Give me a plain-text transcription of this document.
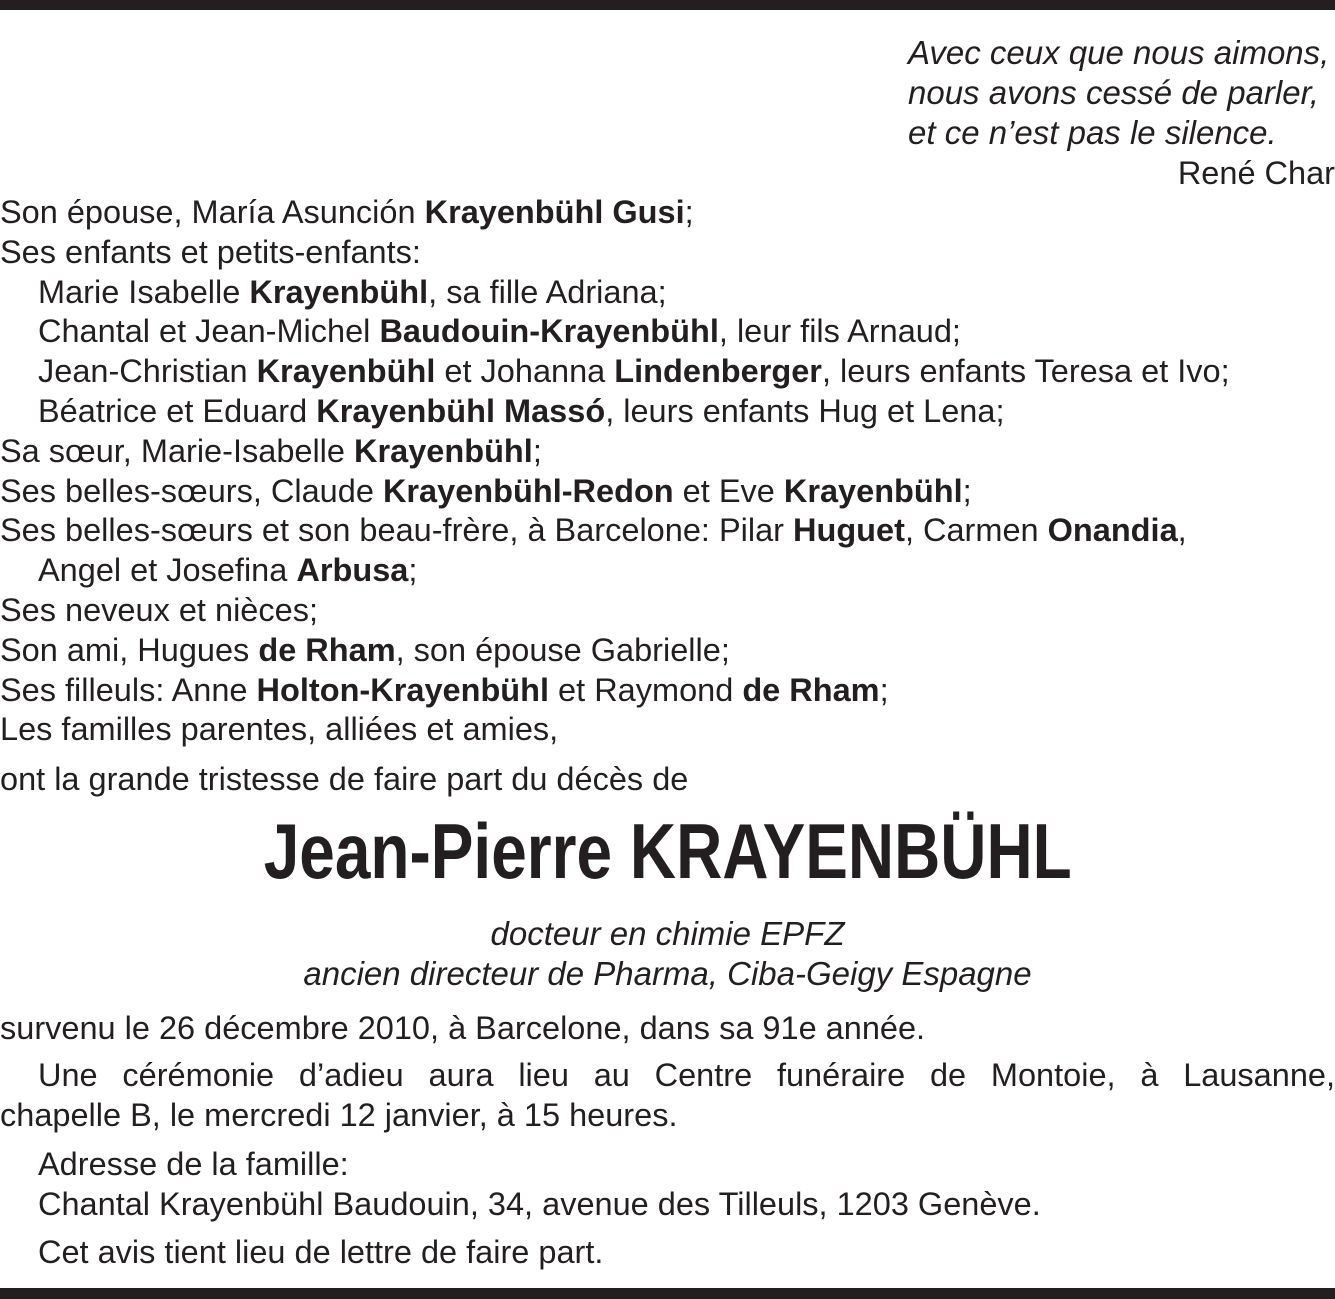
Avec ceux que nous aimons,
nous avons cessé de parler,
et ce n’est pas le silence.
René Char
Son épouse, María Asunción Krayenbühl Gusi;
Ses enfants et petits-enfants:
Marie Isabelle Krayenbühl, sa fille Adriana;
Chantal et Jean-Michel Baudouin-Krayenbühl, leur fils Arnaud;
Jean-Christian Krayenbühl et Johanna Lindenberger, leurs enfants Teresa et Ivo;
Béatrice et Eduard Krayenbühl Massó, leurs enfants Hug et Lena;
Sa sœur, Marie-Isabelle Krayenbühl;
Ses belles-sœurs, Claude Krayenbühl-Redon et Eve Krayenbühl;
Ses belles-sœurs et son beau-frère, à Barcelone: Pilar Huguet, Carmen Onandia,
Angel et Josefina Arbusa;
Ses neveux et nièces;
Son ami, Hugues de Rham, son épouse Gabrielle;
Ses filleuls: Anne Holton-Krayenbühl et Raymond de Rham;
Les familles parentes, alliées et amies,
ont la grande tristesse de faire part du décès de
Jean-Pierre KRAYENBÜHL
docteur en chimie EPFZ
ancien directeur de Pharma, Ciba-Geigy Espagne
survenu le 26 décembre 2010, à Barcelone, dans sa 91e année.
Une cérémonie d’adieu aura lieu au Centre funéraire de Montoie, à Lausanne,
chapelle B, le mercredi 12 janvier, à 15 heures.
Adresse de la famille:
Chantal Krayenbühl Baudouin, 34, avenue des Tilleuls, 1203 Genève.
Cet avis tient lieu de lettre de faire part.
